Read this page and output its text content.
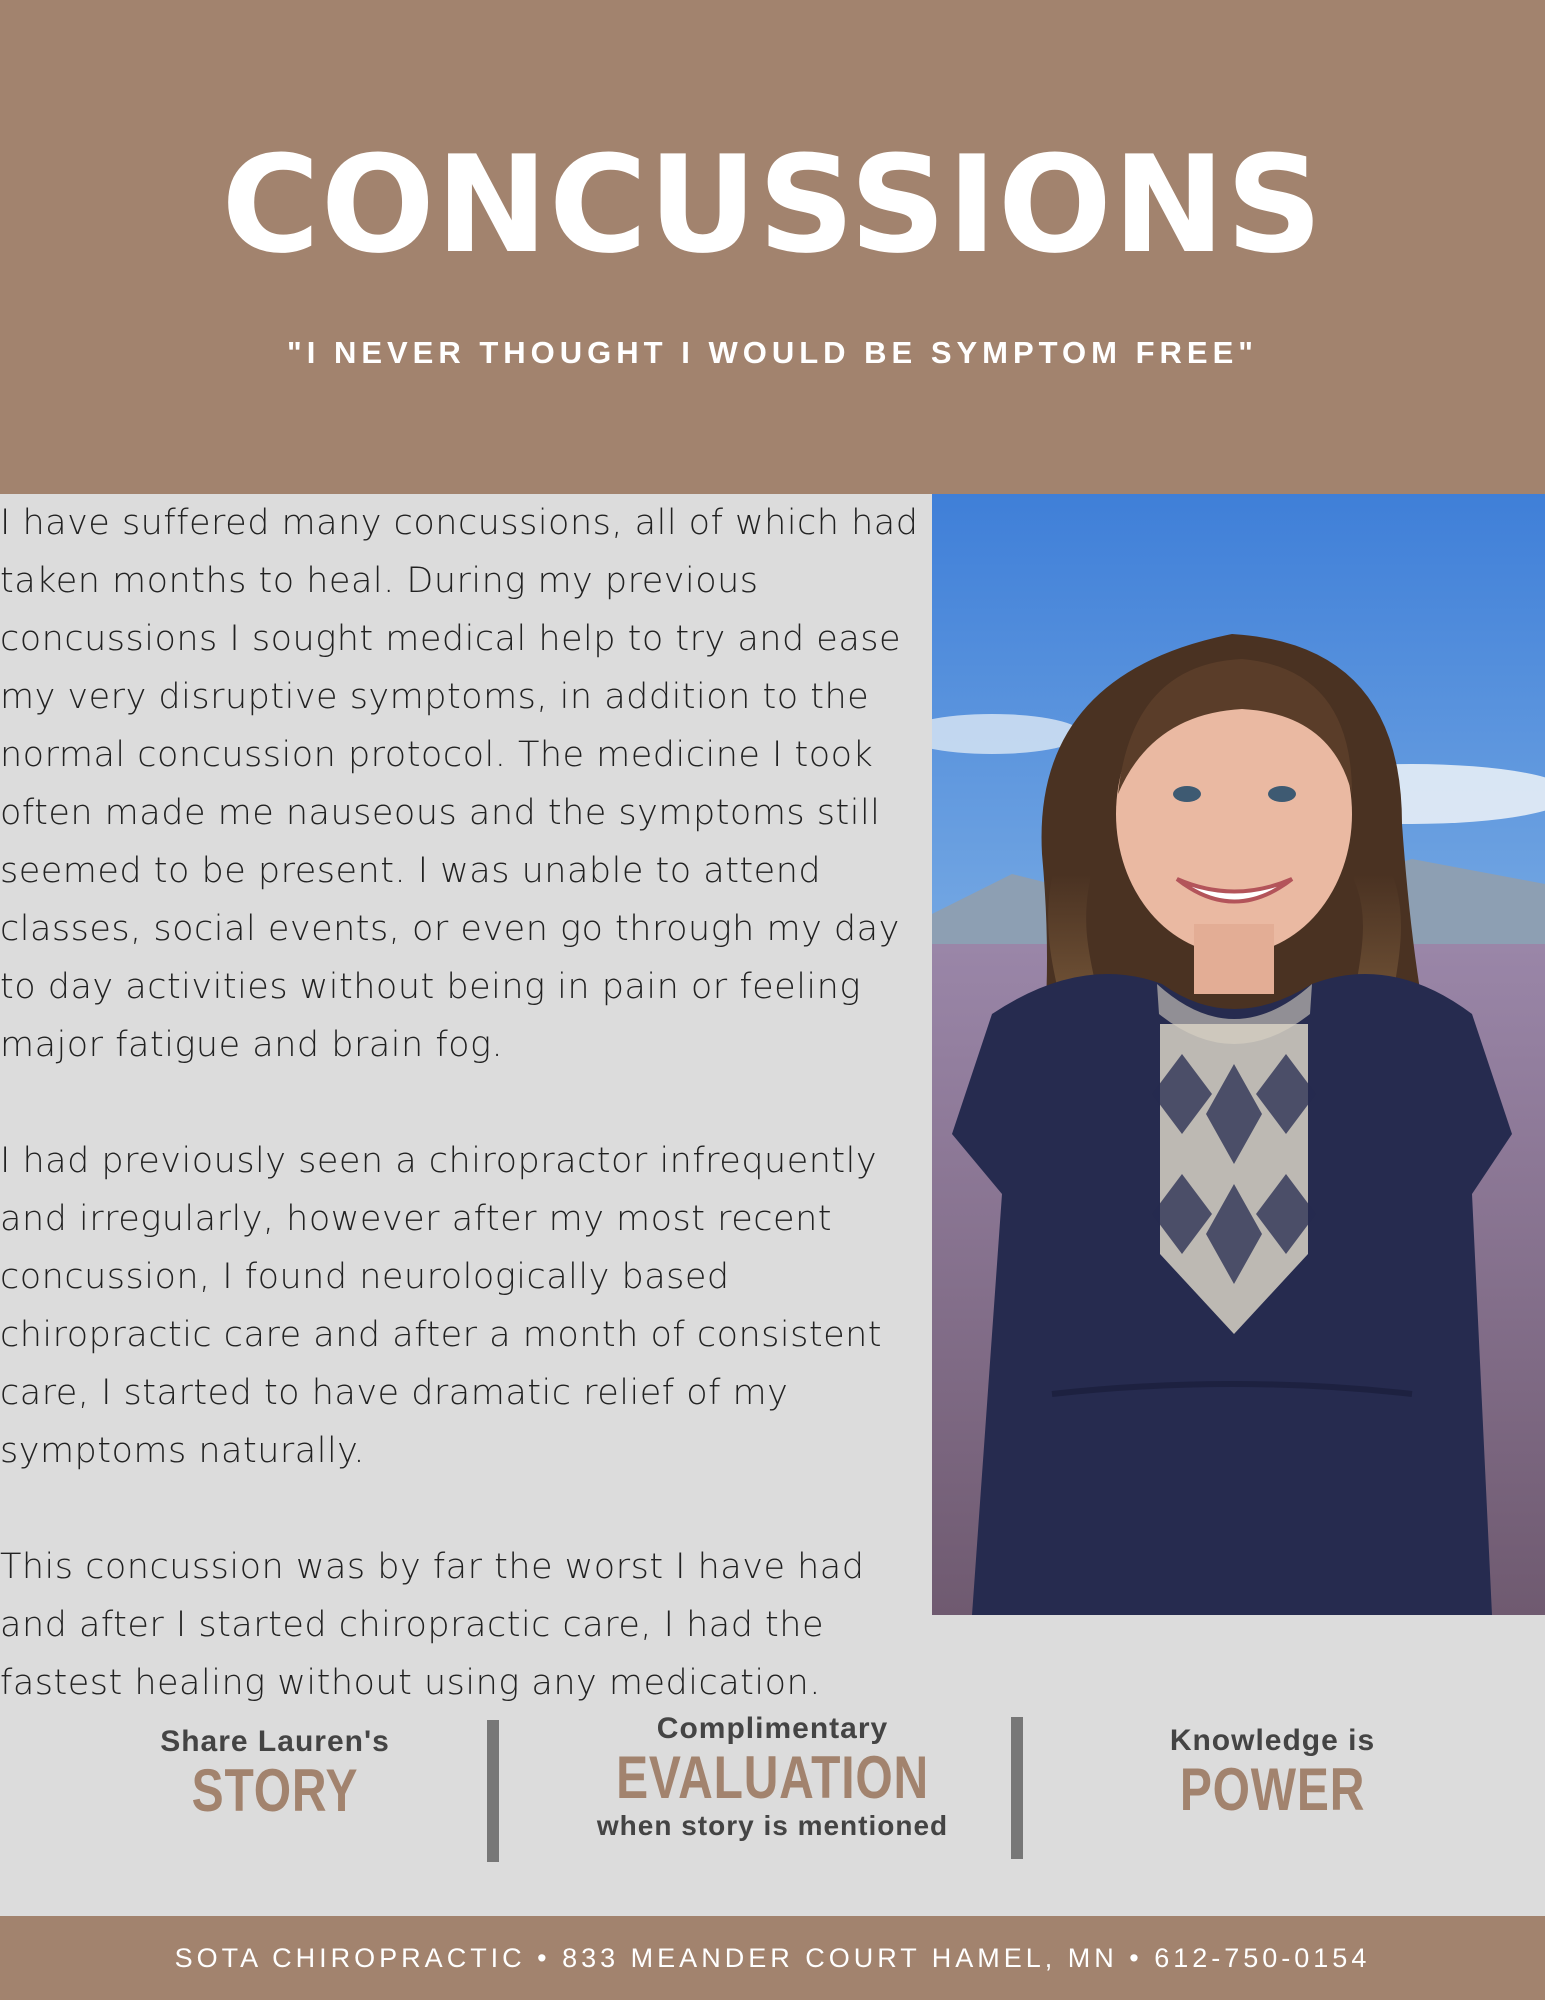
CONCUSSIONS
"I NEVER THOUGHT I WOULD BE SYMPTOM FREE"

I have suffered many concussions, all of which had taken months to heal. During my previous concussions I sought medical help to try and ease my very disruptive symptoms, in addition to the normal concussion protocol. The medicine I took often made me nauseous and the symptoms still seemed to be present. I was unable to attend classes, social events, or even go through my day to day activities without being in pain or feeling major fatigue and brain fog.

I had previously seen a chiropractor infrequently and irregularly, however after my most recent concussion, I found neurologically based chiropractic care and after a month of consistent care, I started to have dramatic relief of my symptoms naturally.

This concussion was by far the worst I have had and after I started chiropractic care, I had the fastest healing without using any medication.

Share Lauren's
STORY
Complimentary
EVALUATION
when story is mentioned
Knowledge is
POWER
SOTA CHIROPRACTIC • 833 MEANDER COURT HAMEL, MN • 612-750-0154
